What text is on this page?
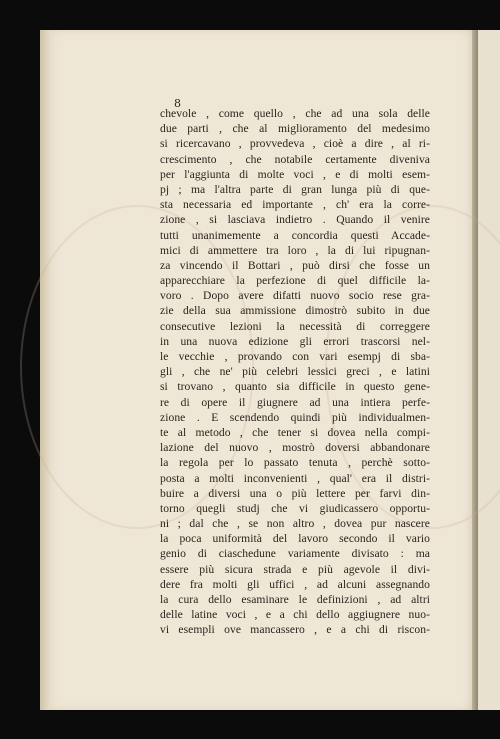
8
chevole , come quello , che ad una sola delle
due parti , che al miglioramento del medesimo
si ricercavano , provvedeva , cioè a dire , al ri-
crescimento , che notabile certamente diveniva
per l'aggiunta di molte voci , e di molti esem-
pj ; ma l'altra parte di gran lunga più di que-
sta necessaria ed importante , ch' era la corre-
zione , si lasciava indietro . Quando il venire
tutti unanimemente a concordia questi Accade-
mici di ammettere tra loro , la di lui ripugnan-
za vincendo il Bottari , può dirsi che fosse un
apparecchiare la perfezione di quel difficile la-
voro . Dopo avere difatti nuovo socio rese gra-
zie della sua ammissione dimostrò subito in due
consecutive lezioni la necessità di correggere
in una nuova edizione gli errori trascorsi nel-
le vecchie , provando con vari esempj di sba-
gli , che ne' più celebri lessici greci , e latini
si trovano , quanto sia difficile in questo gene-
re di opere il giugnere ad una intiera perfe-
zione . E scendendo quindi più individualmen-
te al metodo , che tener si dovea nella compi-
lazione del nuovo , mostrò doversi abbandonare
la regola per lo passato tenuta , perchè sotto-
posta a molti inconvenienti , qual' era il distri-
buire a diversi una o più lettere per farvi din-
torno quegli studj che vi giudicassero opportu-
ni ; dal che , se non altro , dovea pur nascere
la poca uniformità del lavoro secondo il vario
genio di ciaschedune variamente divisato : ma
essere più sicura strada e più agevole il divi-
dere fra molti gli uffici , ad alcuni assegnando
la cura dello esaminare le definizioni , ad altri
delle latine voci , e a chi dello aggiugnere nuo-
vi esempli ove mancassero , e a chi di riscon-
